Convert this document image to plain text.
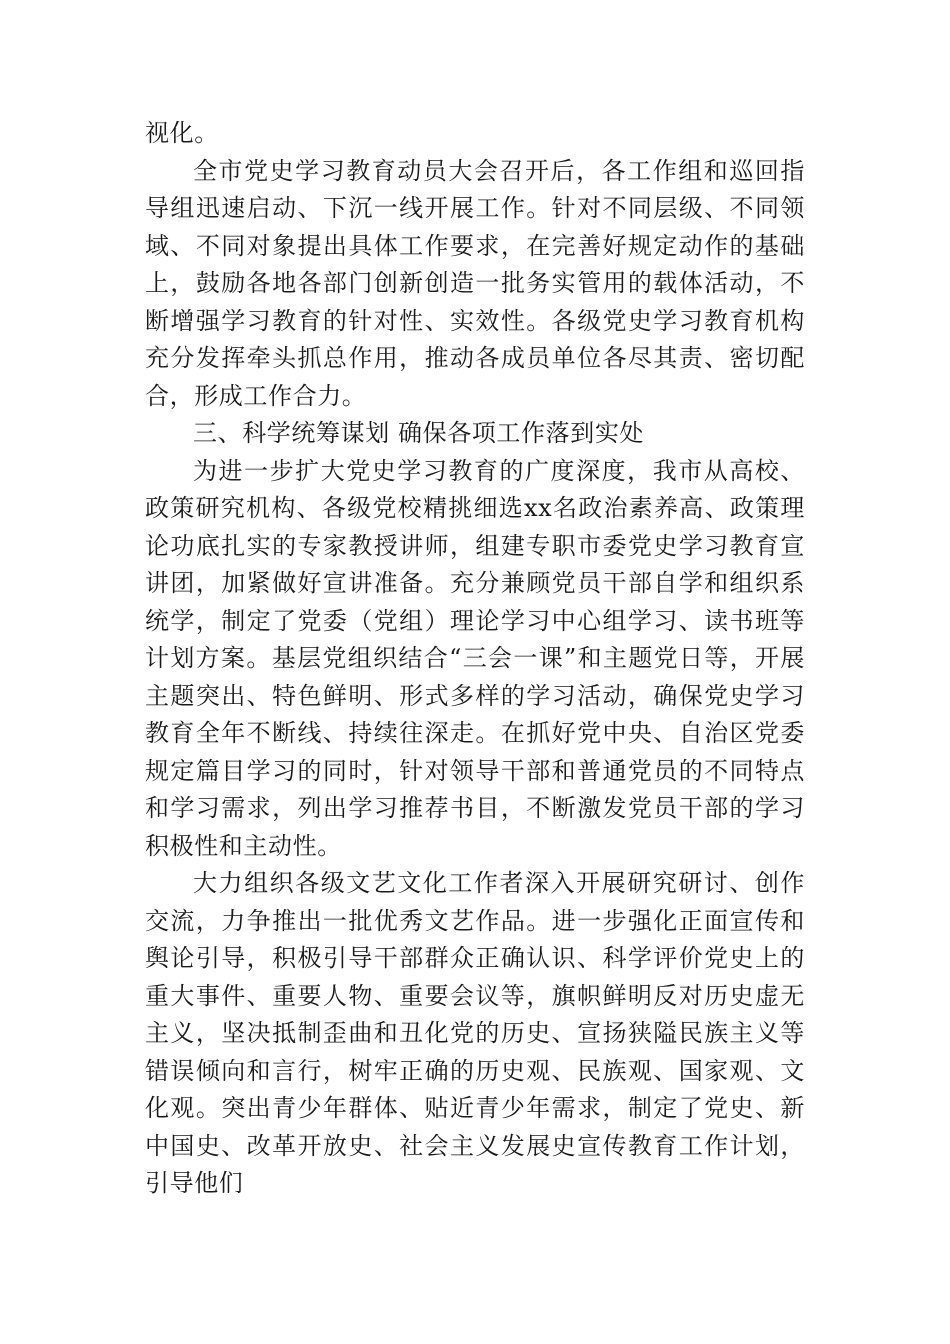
视化。

全市党史学习教育动员大会召开后，各工作组和巡回指导组迅速启动、下沉一线开展工作。针对不同层级、不同领域、不同对象提出具体工作要求，在完善好规定动作的基础上，鼓励各地各部门创新创造一批务实管用的载体活动，不断增强学习教育的针对性、实效性。各级党史学习教育机构充分发挥牵头抓总作用，推动各成员单位各尽其责、密切配合，形成工作合力。

三、科学统筹谋划 确保各项工作落到实处

为进一步扩大党史学习教育的广度深度，我市从高校、政策研究机构、各级党校精挑细选xx名政治素养高、政策理论功底扎实的专家教授讲师，组建专职市委党史学习教育宣讲团，加紧做好宣讲准备。充分兼顾党员干部自学和组织系统学，制定了党委（党组）理论学习中心组学习、读书班等计划方案。基层党组织结合“三会一课”和主题党日等，开展主题突出、特色鲜明、形式多样的学习活动，确保党史学习教育全年不断线、持续往深走。在抓好党中央、自治区党委规定篇目学习的同时，针对领导干部和普通党员的不同特点和学习需求，列出学习推荐书目，不断激发党员干部的学习积极性和主动性。

大力组织各级文艺文化工作者深入开展研究研讨、创作交流，力争推出一批优秀文艺作品。进一步强化正面宣传和舆论引导，积极引导干部群众正确认识、科学评价党史上的重大事件、重要人物、重要会议等，旗帜鲜明反对历史虚无主义，坚决抵制歪曲和丑化党的历史、宣扬狭隘民族主义等错误倾向和言行，树牢正确的历史观、民族观、国家观、文化观。突出青少年群体、贴近青少年需求，制定了党史、新中国史、改革开放史、社会主义发展史宣传教育工作计划，引导他们
